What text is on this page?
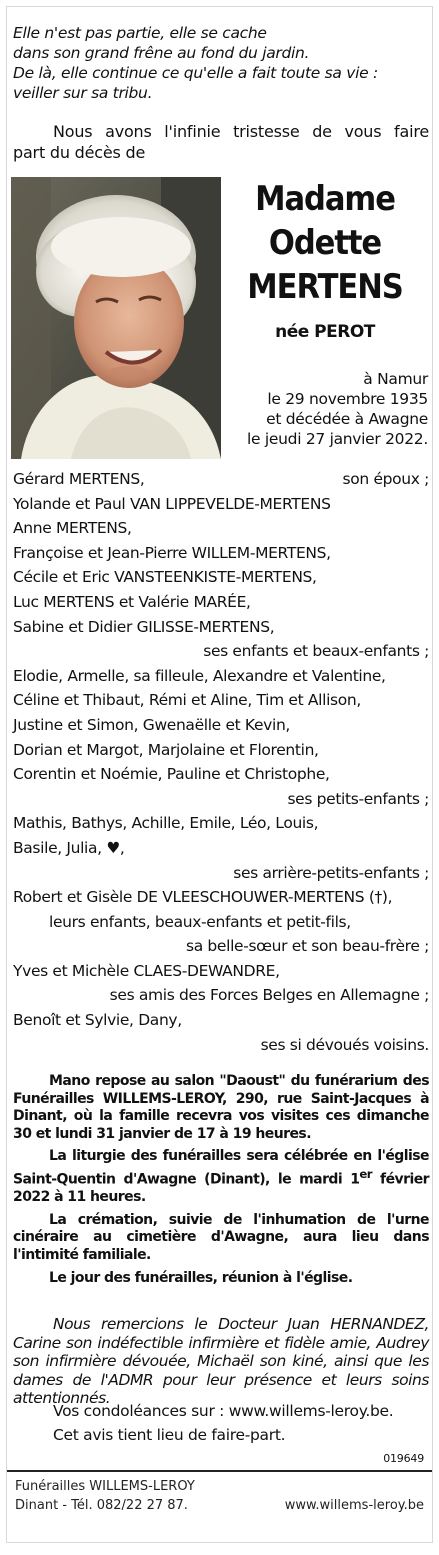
Elle n'est pas partie, elle se cache
dans son grand frêne au fond du jardin.
De là, elle continue ce qu'elle a fait toute sa vie :
veiller sur sa tribu.
Nous avons l'infinie tristesse de vous faire
part du décès de
Madame
Odette
MERTENS
née PEROT
à Namur
le 29 novembre 1935
et décédée à Awagne
le jeudi 27 janvier 2022.
Gérard MERTENS,	son époux ;
Yolande et Paul VAN LIPPEVELDE-MERTENS
Anne MERTENS,
Françoise et Jean-Pierre WILLEM-MERTENS,
Cécile et Eric VANSTEENKISTE-MERTENS,
Luc MERTENS et Valérie MARÉE,
Sabine et Didier GILISSE-MERTENS,
ses enfants et beaux-enfants ;
Elodie, Armelle, sa filleule, Alexandre et Valentine,
Céline et Thibaut, Rémi et Aline, Tim et Allison,
Justine et Simon, Gwenaëlle et Kevin,
Dorian et Margot, Marjolaine et Florentin,
Corentin et Noémie, Pauline et Christophe,
ses petits-enfants ;
Mathis, Bathys, Achille, Emile, Léo, Louis,
Basile, Julia, ♥,
ses arrière-petits-enfants ;
Robert et Gisèle DE VLEESCHOUWER-MERTENS (†),
leurs enfants, beaux-enfants et petit-fils,
sa belle-sœur et son beau-frère ;
Yves et Michèle CLAES-DEWANDRE,
ses amis des Forces Belges en Allemagne ;
Benoît et Sylvie, Dany,
ses si dévoués voisins.

Mano repose au salon "Daoust" du funérarium des Funérailles WILLEMS-LEROY, 290, rue Saint-Jacques à Dinant, où la famille recevra vos visites ces dimanche 30 et lundi 31 janvier de 17 à 19 heures.

La liturgie des funérailles sera célébrée en l'église Saint-Quentin d'Awagne (Dinant), le mardi 1er février 2022 à 11 heures.

La crémation, suivie de l'inhumation de l'urne cinéraire au cimetière d'Awagne, aura lieu dans l'intimité familiale.

Le jour des funérailles, réunion à l'église.

Nous remercions le Docteur Juan HERNANDEZ, Carine son indéfectible infirmière et fidèle amie, Audrey son infirmière dévouée, Michaël son kiné, ainsi que les dames de l'ADMR pour leur présence et leurs soins attentionnés.
Vos condoléances sur : www.willems-leroy.be.
Cet avis tient lieu de faire-part.
019649
Funérailles WILLEMS-LEROY
Dinant - Tél. 082/22 27 87.	www.willems-leroy.be
